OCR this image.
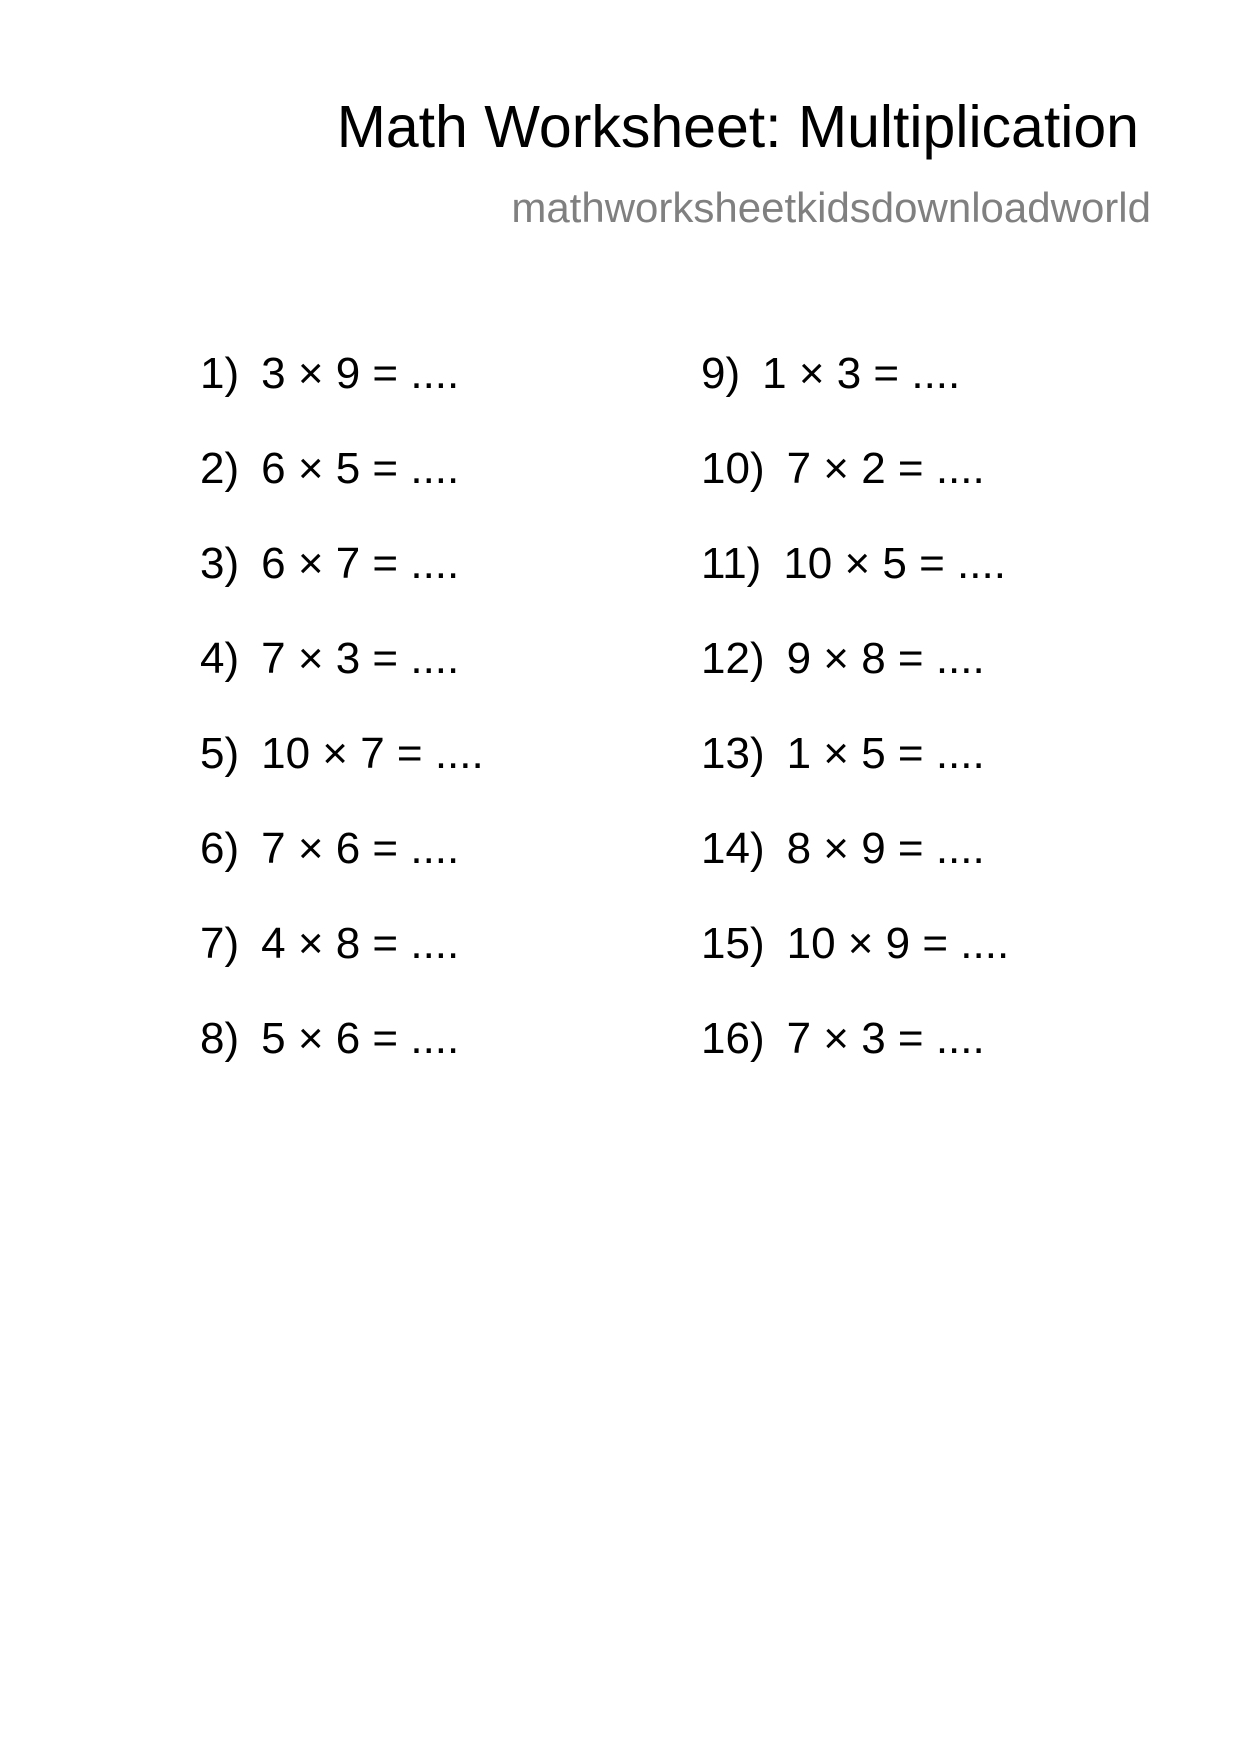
Math Worksheet: Multiplication
mathworksheetkidsdownloadworld
1) 3 × 9 = ....
2) 6 × 5 = ....
3) 6 × 7 = ....
4) 7 × 3 = ....
5) 10 × 7 = ....
6) 7 × 6 = ....
7) 4 × 8 = ....
8) 5 × 6 = ....
9) 1 × 3 = ....
10) 7 × 2 = ....
11) 10 × 5 = ....
12) 9 × 8 = ....
13) 1 × 5 = ....
14) 8 × 9 = ....
15) 10 × 9 = ....
16) 7 × 3 = ....
